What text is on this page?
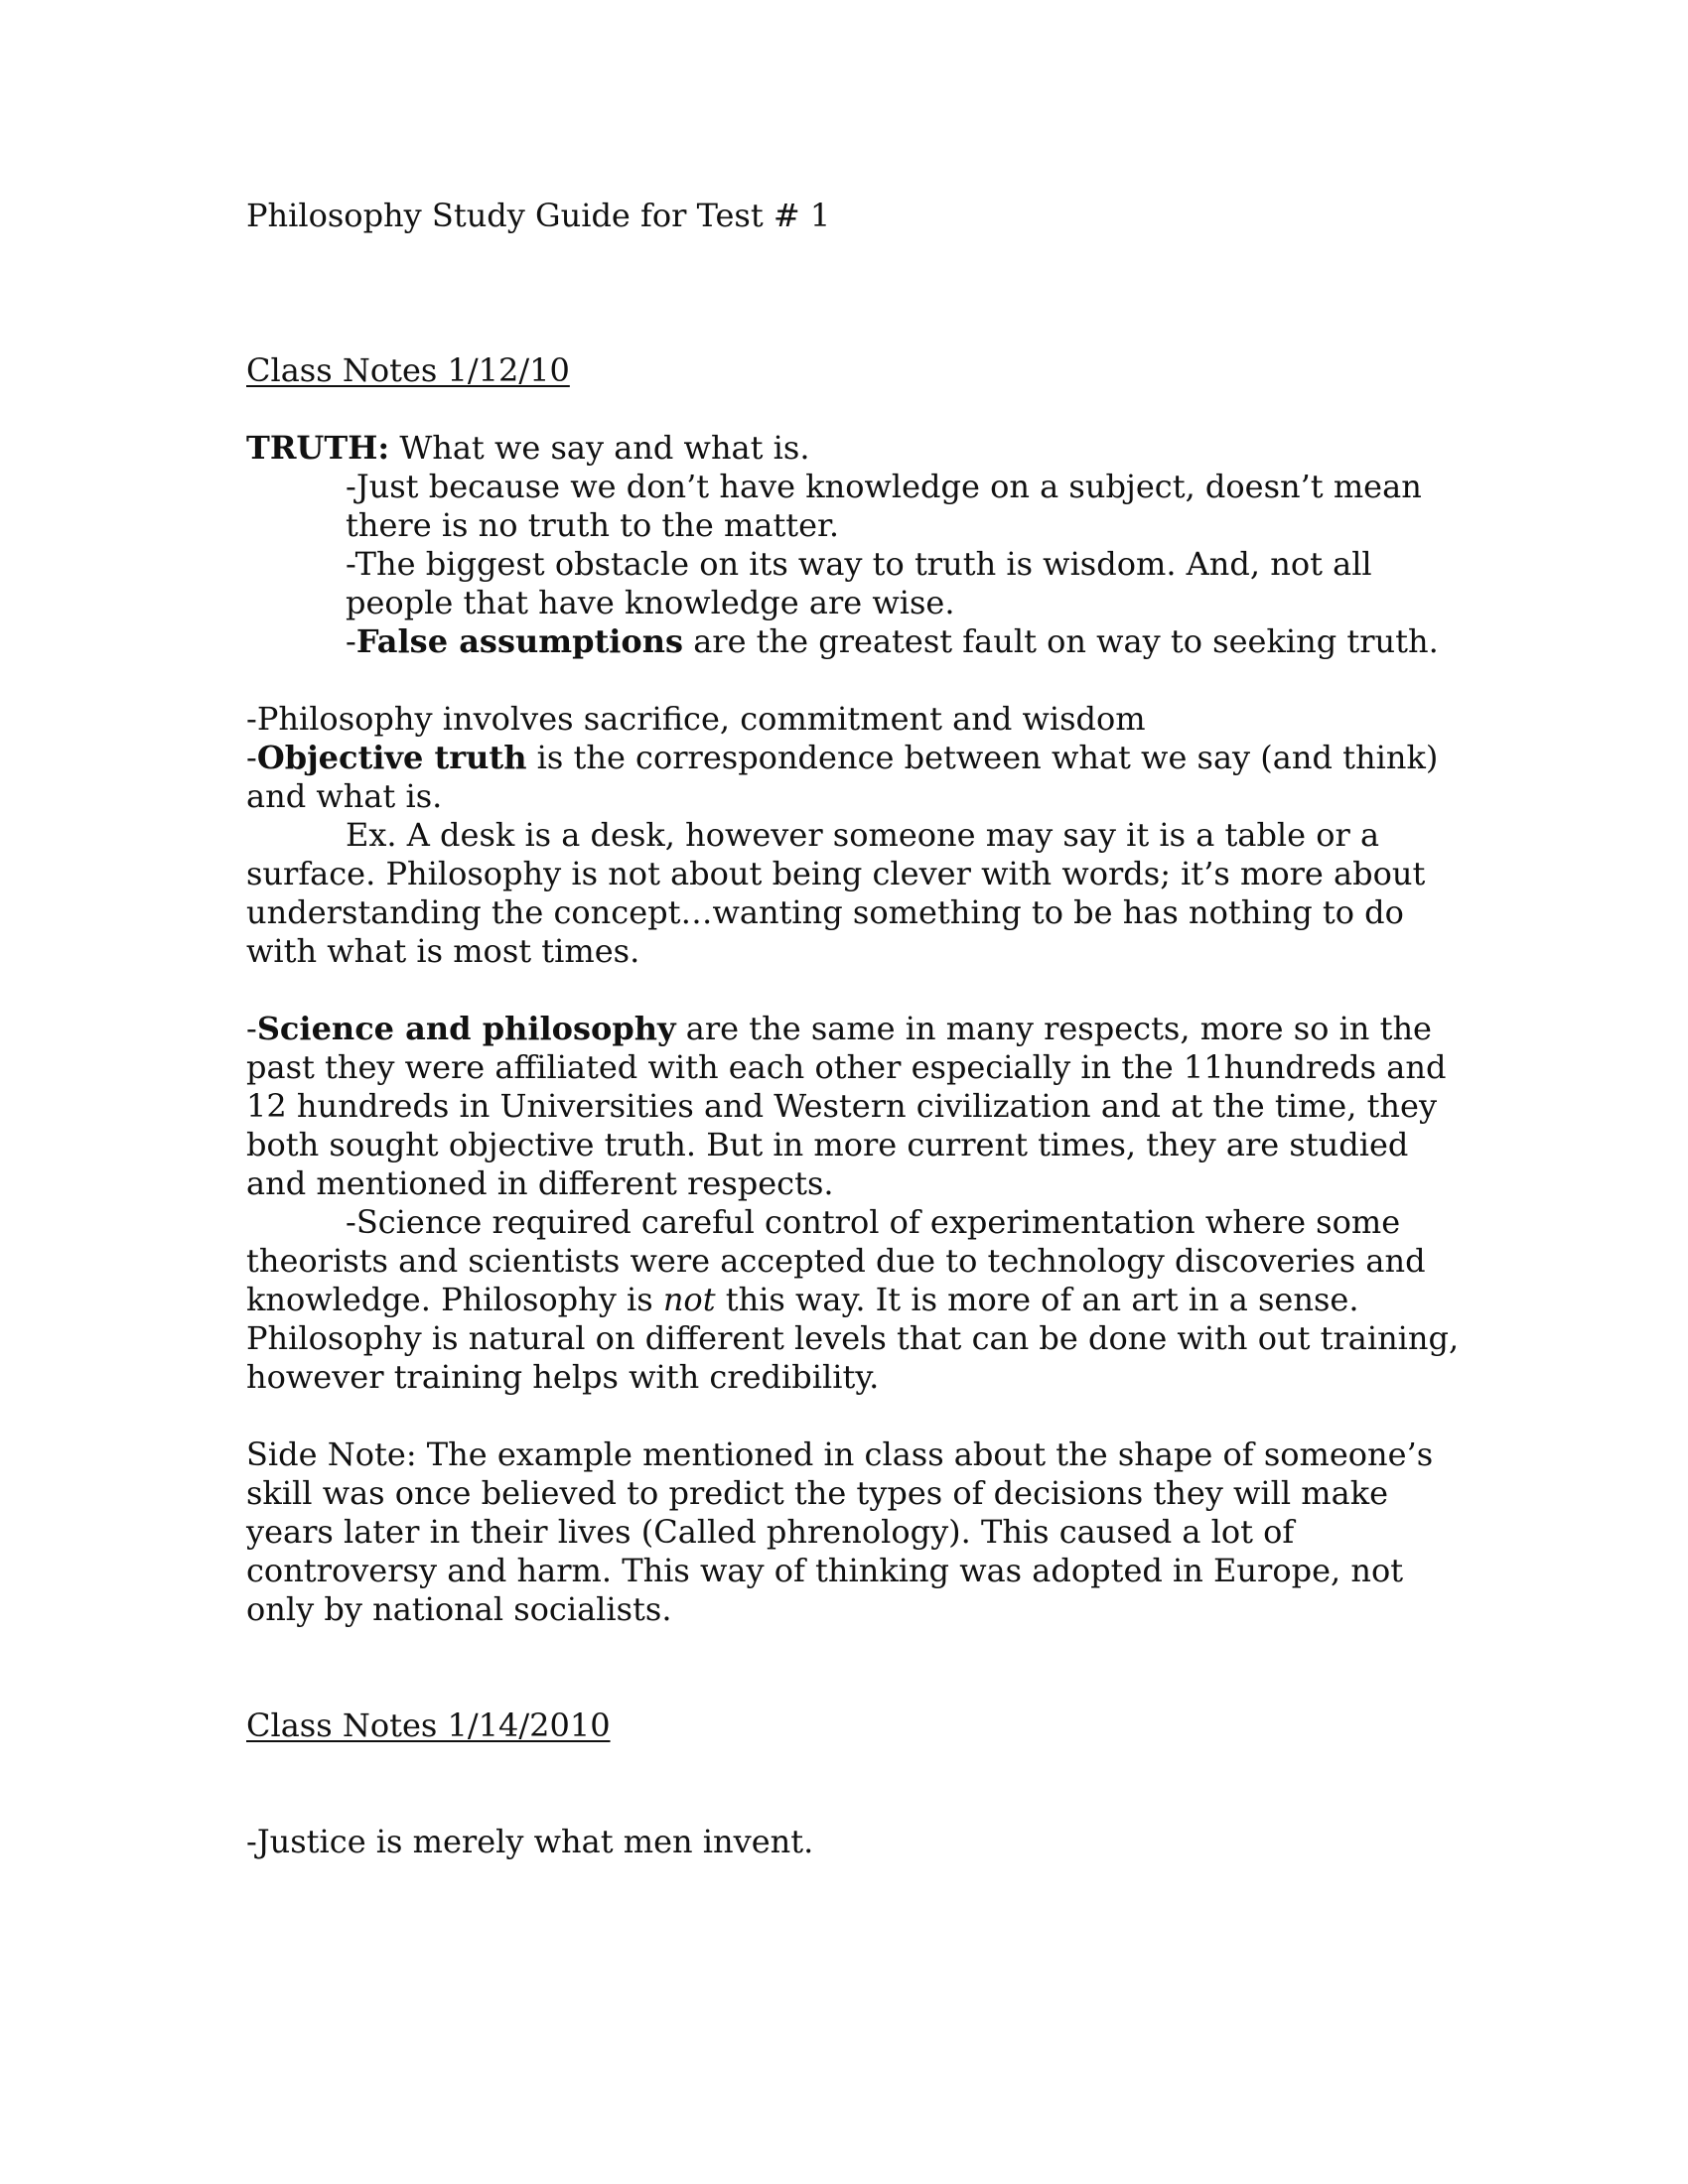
Philosophy Study Guide for Test # 1

Class Notes 1/12/10

TRUTH: What we say and what is.

-Just because we don’t have knowledge on a subject, doesn’t mean there is no truth to the matter.

-The biggest obstacle on its way to truth is wisdom. And, not all people that have knowledge are wise.

-False assumptions are the greatest fault on way to seeking truth.

-Philosophy involves sacrifice, commitment and wisdom

-Objective truth is the correspondence between what we say (and think) and what is.

Ex. A desk is a desk, however someone may say it is a table or a surface. Philosophy is not about being clever with words; it’s more about understanding the concept…wanting something to be has nothing to do with what is most times.

-Science and philosophy are the same in many respects, more so in the past they were affiliated with each other especially in the 11hundreds and 12 hundreds in Universities and Western civilization and at the time, they both sought objective truth. But in more current times, they are studied and mentioned in different respects.

-Science required careful control of experimentation where some theorists and scientists were accepted due to technology discoveries and knowledge. Philosophy is not this way. It is more of an art in a sense. Philosophy is natural on different levels that can be done with out training, however training helps with credibility.

Side Note: The example mentioned in class about the shape of someone’s skill was once believed to predict the types of decisions they will make years later in their lives (Called phrenology). This caused a lot of controversy and harm. This way of thinking was adopted in Europe, not only by national socialists.

Class Notes 1/14/2010

-Justice is merely what men invent.
